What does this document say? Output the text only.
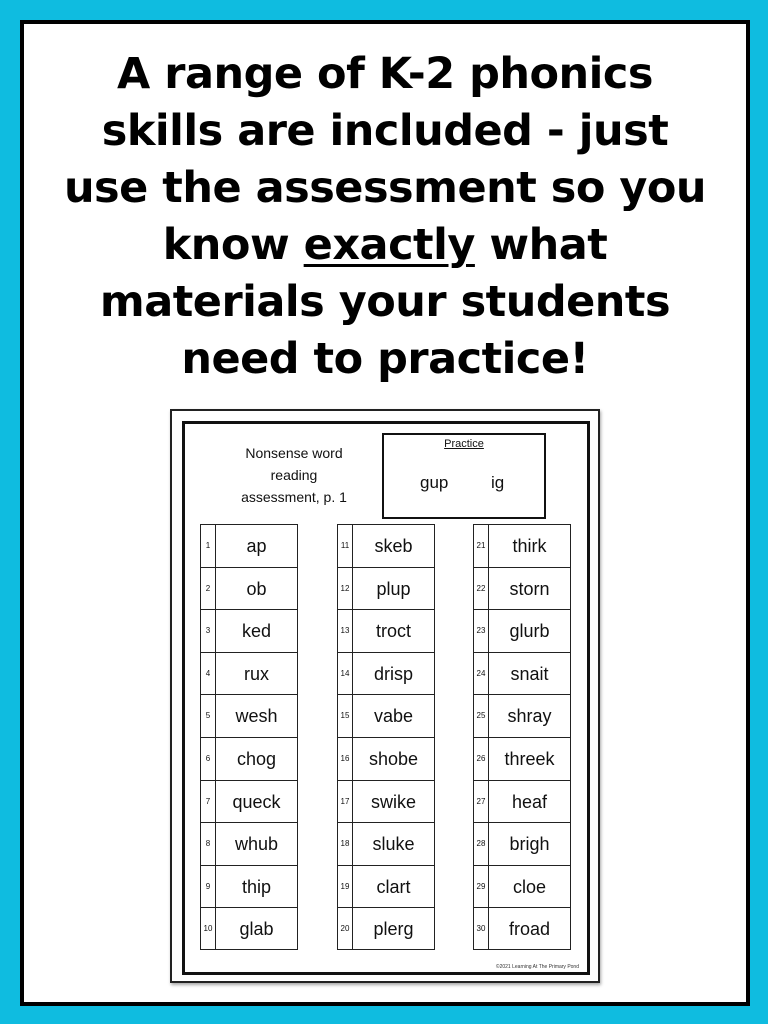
A range of K-2 phonics
skills are included - just
use the assessment so you
know exactly what
materials your students
need to practice!
Nonsense word
reading
assessment, p. 1
Practice
gup	ig
1	ap
2	ob
3	ked
4	rux
5	wesh
6	chog
7	queck
8	whub
9	thip
10	glab
11	skeb
12	plup
13	troct
14	drisp
15	vabe
16	shobe
17	swike
18	sluke
19	clart
20	plerg
21	thirk
22	storn
23	glurb
24	snait
25	shray
26	threek
27	heaf
28	brigh
29	cloe
30	froad
©2021 Learning At The Primary Pond
